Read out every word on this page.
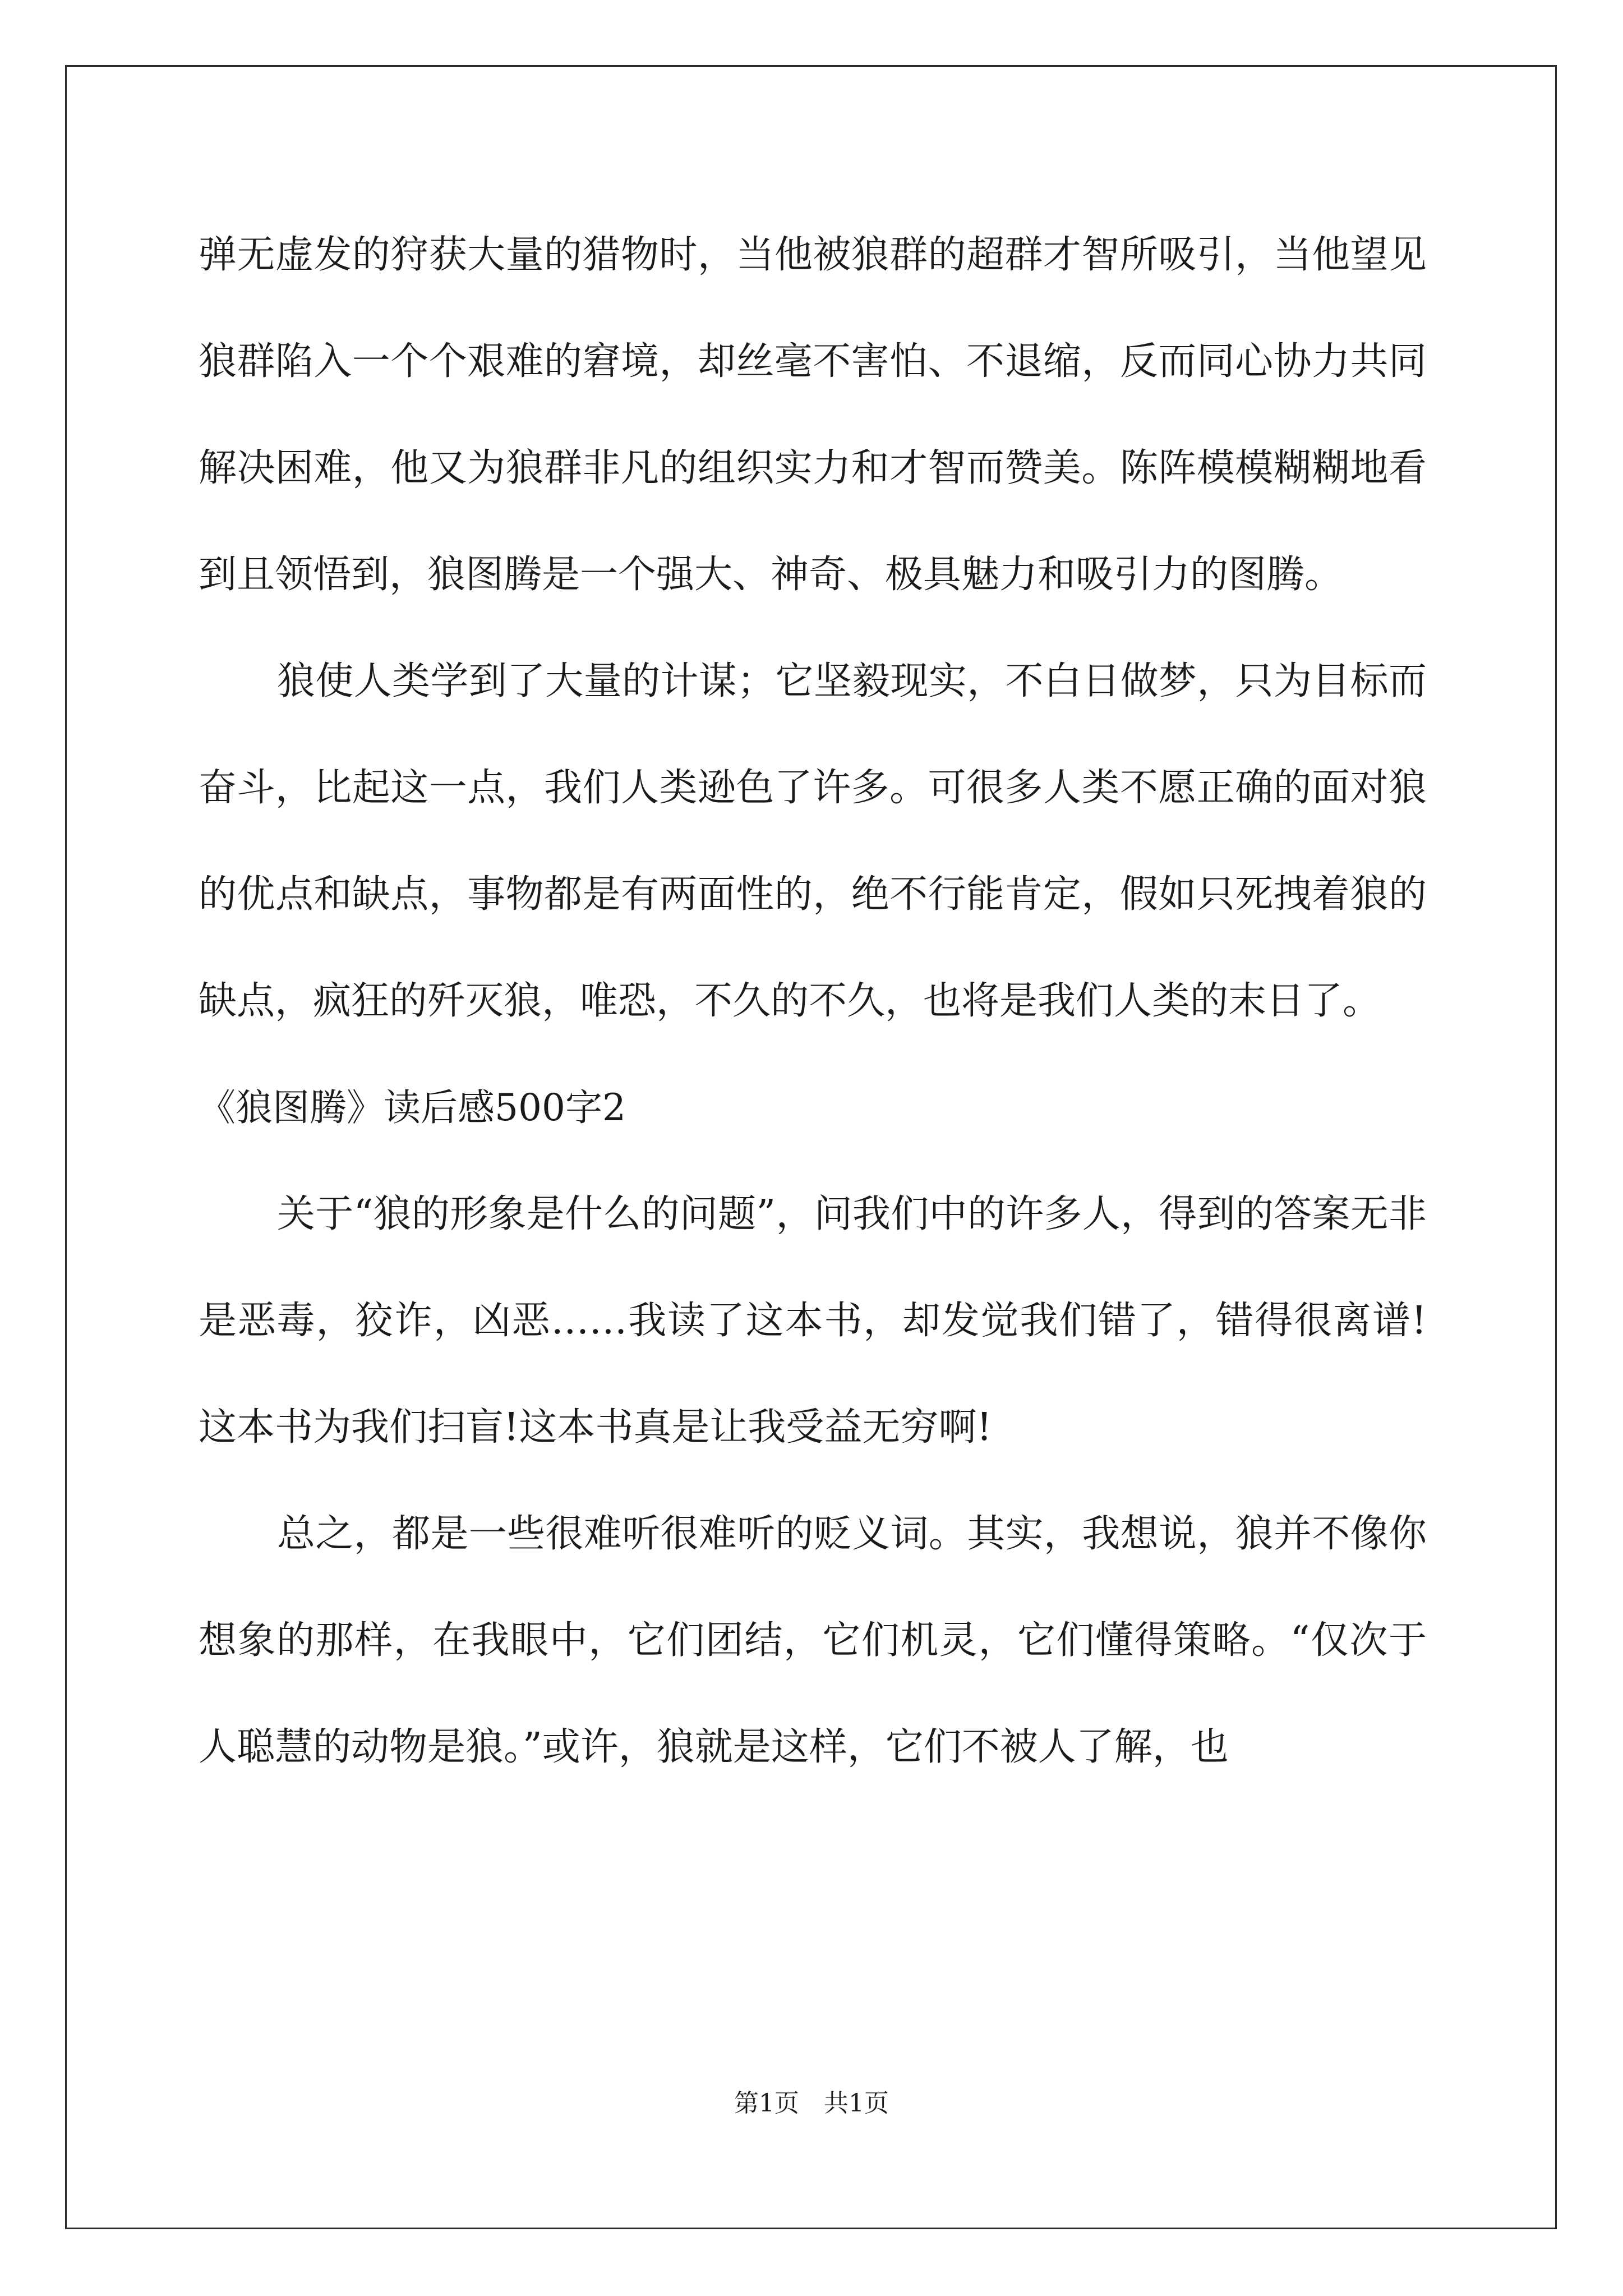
弹无虚发的狩获大量的猎物时，当他被狼群的超群才智所吸引，当他望见狼群陷入一个个艰难的窘境，却丝毫不害怕、不退缩，反而同心协力共同解决困难，他又为狼群非凡的组织实力和才智而赞美。陈阵模模糊糊地看到且领悟到，狼图腾是一个强大、神奇、极具魅力和吸引力的图腾。

狼使人类学到了大量的计谋；它坚毅现实，不白日做梦，只为目标而奋斗，比起这一点，我们人类逊色了许多。可很多人类不愿正确的面对狼的优点和缺点，事物都是有两面性的，绝不行能肯定，假如只死拽着狼的缺点，疯狂的歼灭狼，唯恐，不久的不久，也将是我们人类的末日了。

《狼图腾》读后感500字2

关于“狼的形象是什么的问题”，问我们中的许多人，得到的答案无非是恶毒，狡诈，凶恶……我读了这本书，却发觉我们错了，错得很离谱!这本书为我们扫盲!这本书真是让我受益无穷啊!

总之，都是一些很难听很难听的贬义词。其实，我想说，狼并不像你想象的那样，在我眼中，它们团结，它们机灵，它们懂得策略。“仅次于人聪慧的动物是狼。”或许，狼就是这样，它们不被人了解，也

第1页　共1页
